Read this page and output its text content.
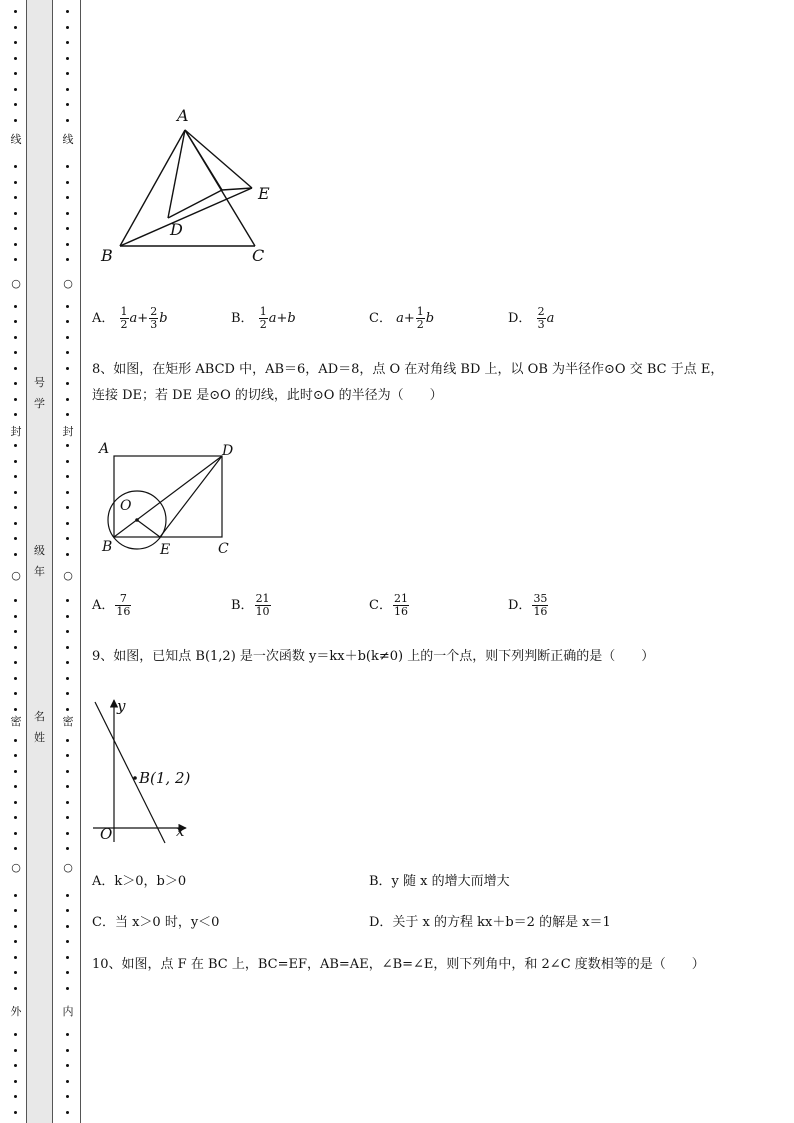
线
○
封
○
密
○
外
号
学
级
年
名
姓
线
○
封
○
密
○
内
A
E
D
B	C
A． $\frac{1}{2} a+ \frac{2}{3}$ b	B． $\frac{1}{2} a+b$	C． $a+ \frac{1}{2}$ b	D． $\frac{2}{3}$ a
8、如图，在矩形 ABCD 中，AB＝6，AD＝8，点 O 在对角线 BD 上，以 OB 为半径作⊙O 交 BC 于点 E，
连接 DE；若 DE 是⊙O 的切线，此时⊙O 的半径为（　　）
A	D
O
B	E	C
A． $\frac{7}{16}$	B． $\frac{21}{10}$	C． $\frac{21}{16}$	D． $\frac{35}{16}$
9、如图，已知点 B(1,2) 是一次函数 y＝kx＋b(k≠0) 上的一个点，则下列判断正确的是（　　）
y
x
O
B(1, 2)
A．k＞0，b＞0	B．y 随 x 的增大而增大
C．当 x＞0 时，y＜0	D．关于 x 的方程 kx＋b＝2 的解是 x＝1
10、如图，点 F 在 BC 上，BC=EF，AB=AE，∠B=∠E，则下列角中，和 2∠C 度数相等的是（　　）
